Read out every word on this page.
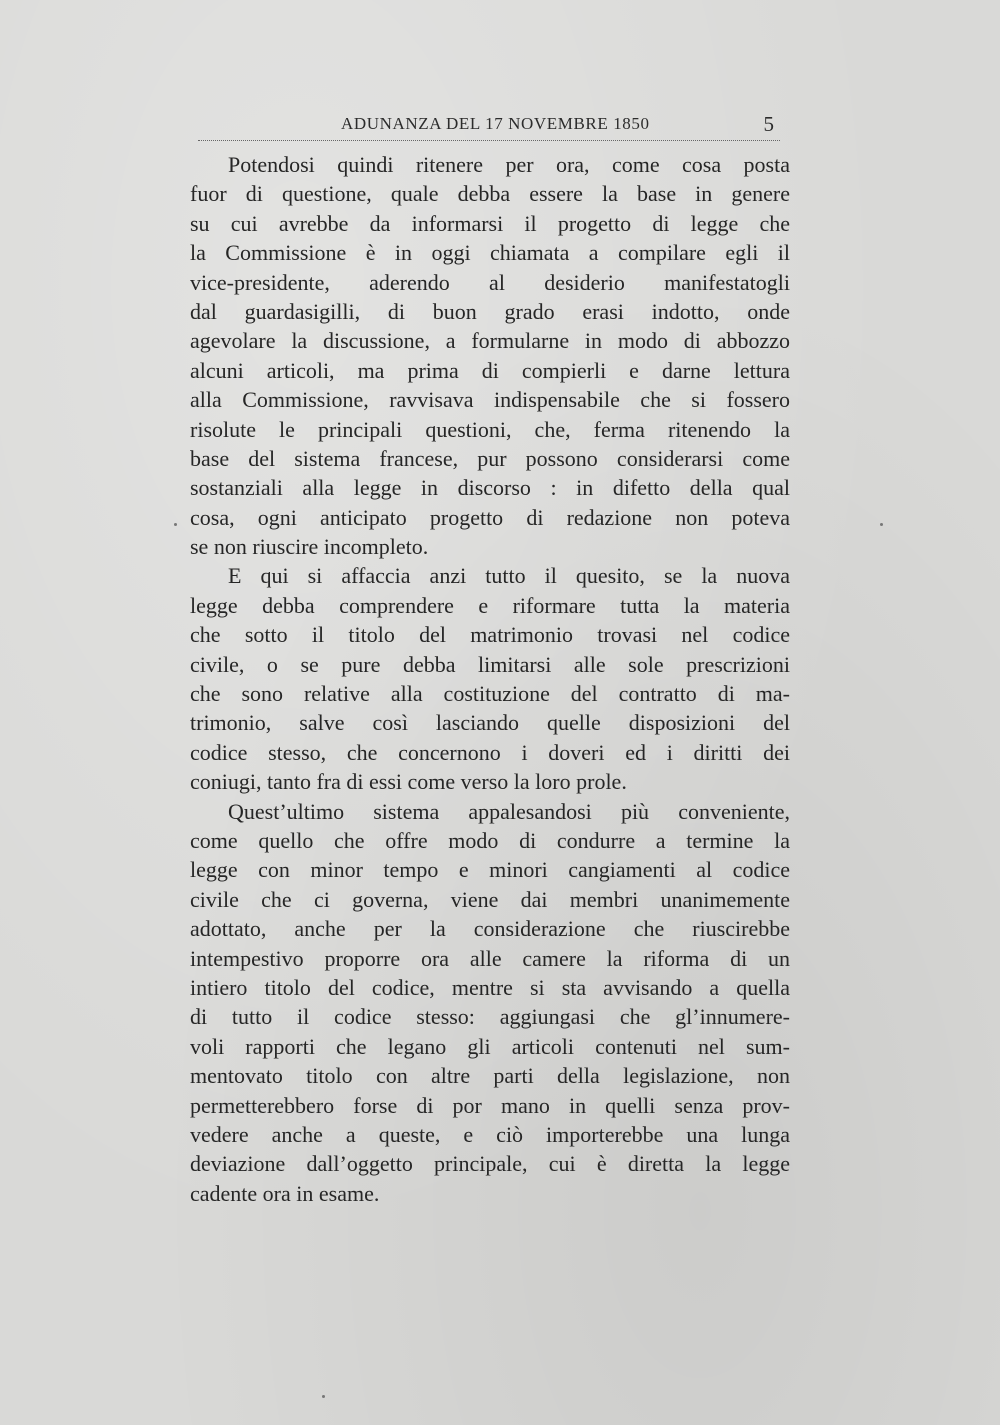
ADUNANZA DEL 17 NOVEMBRE 1850	5
Potendosi quindi ritenere per ora, come cosa posta
fuor di questione, quale debba essere la base in genere
su cui avrebbe da informarsi il progetto di legge che
la Commissione è in oggi chiamata a compilare egli il
vice-presidente, aderendo al desiderio manifestatogli
dal guardasigilli, di buon grado erasi indotto, onde
agevolare la discussione, a formularne in modo di abbozzo
alcuni articoli, ma prima di compierli e darne lettura
alla Commissione, ravvisava indispensabile che si fossero
risolute le principali questioni, che, ferma ritenendo la
base del sistema francese, pur possono considerarsi come
sostanziali alla legge in discorso : in difetto della qual
cosa, ogni anticipato progetto di redazione non poteva
se non riuscire incompleto.
E qui si affaccia anzi tutto il quesito, se la nuova
legge debba comprendere e riformare tutta la materia
che sotto il titolo del matrimonio trovasi nel codice
civile, o se pure debba limitarsi alle sole prescrizioni
che sono relative alla costituzione del contratto di ma-
trimonio, salve così lasciando quelle disposizioni del
codice stesso, che concernono i doveri ed i diritti dei
coniugi, tanto fra di essi come verso la loro prole.
Quest’ultimo sistema appalesandosi più conveniente,
come quello che offre modo di condurre a termine la
legge con minor tempo e minori cangiamenti al codice
civile che ci governa, viene dai membri unanimemente
adottato, anche per la considerazione che riuscirebbe
intempestivo proporre ora alle camere la riforma di un
intiero titolo del codice, mentre si sta avvisando a quella
di tutto il codice stesso: aggiungasi che gl’innumere-
voli rapporti che legano gli articoli contenuti nel sum-
mentovato titolo con altre parti della legislazione, non
permetterebbero forse di por mano in quelli senza prov-
vedere anche a queste, e ciò importerebbe una lunga
deviazione dall’oggetto principale, cui è diretta la legge
cadente ora in esame.
